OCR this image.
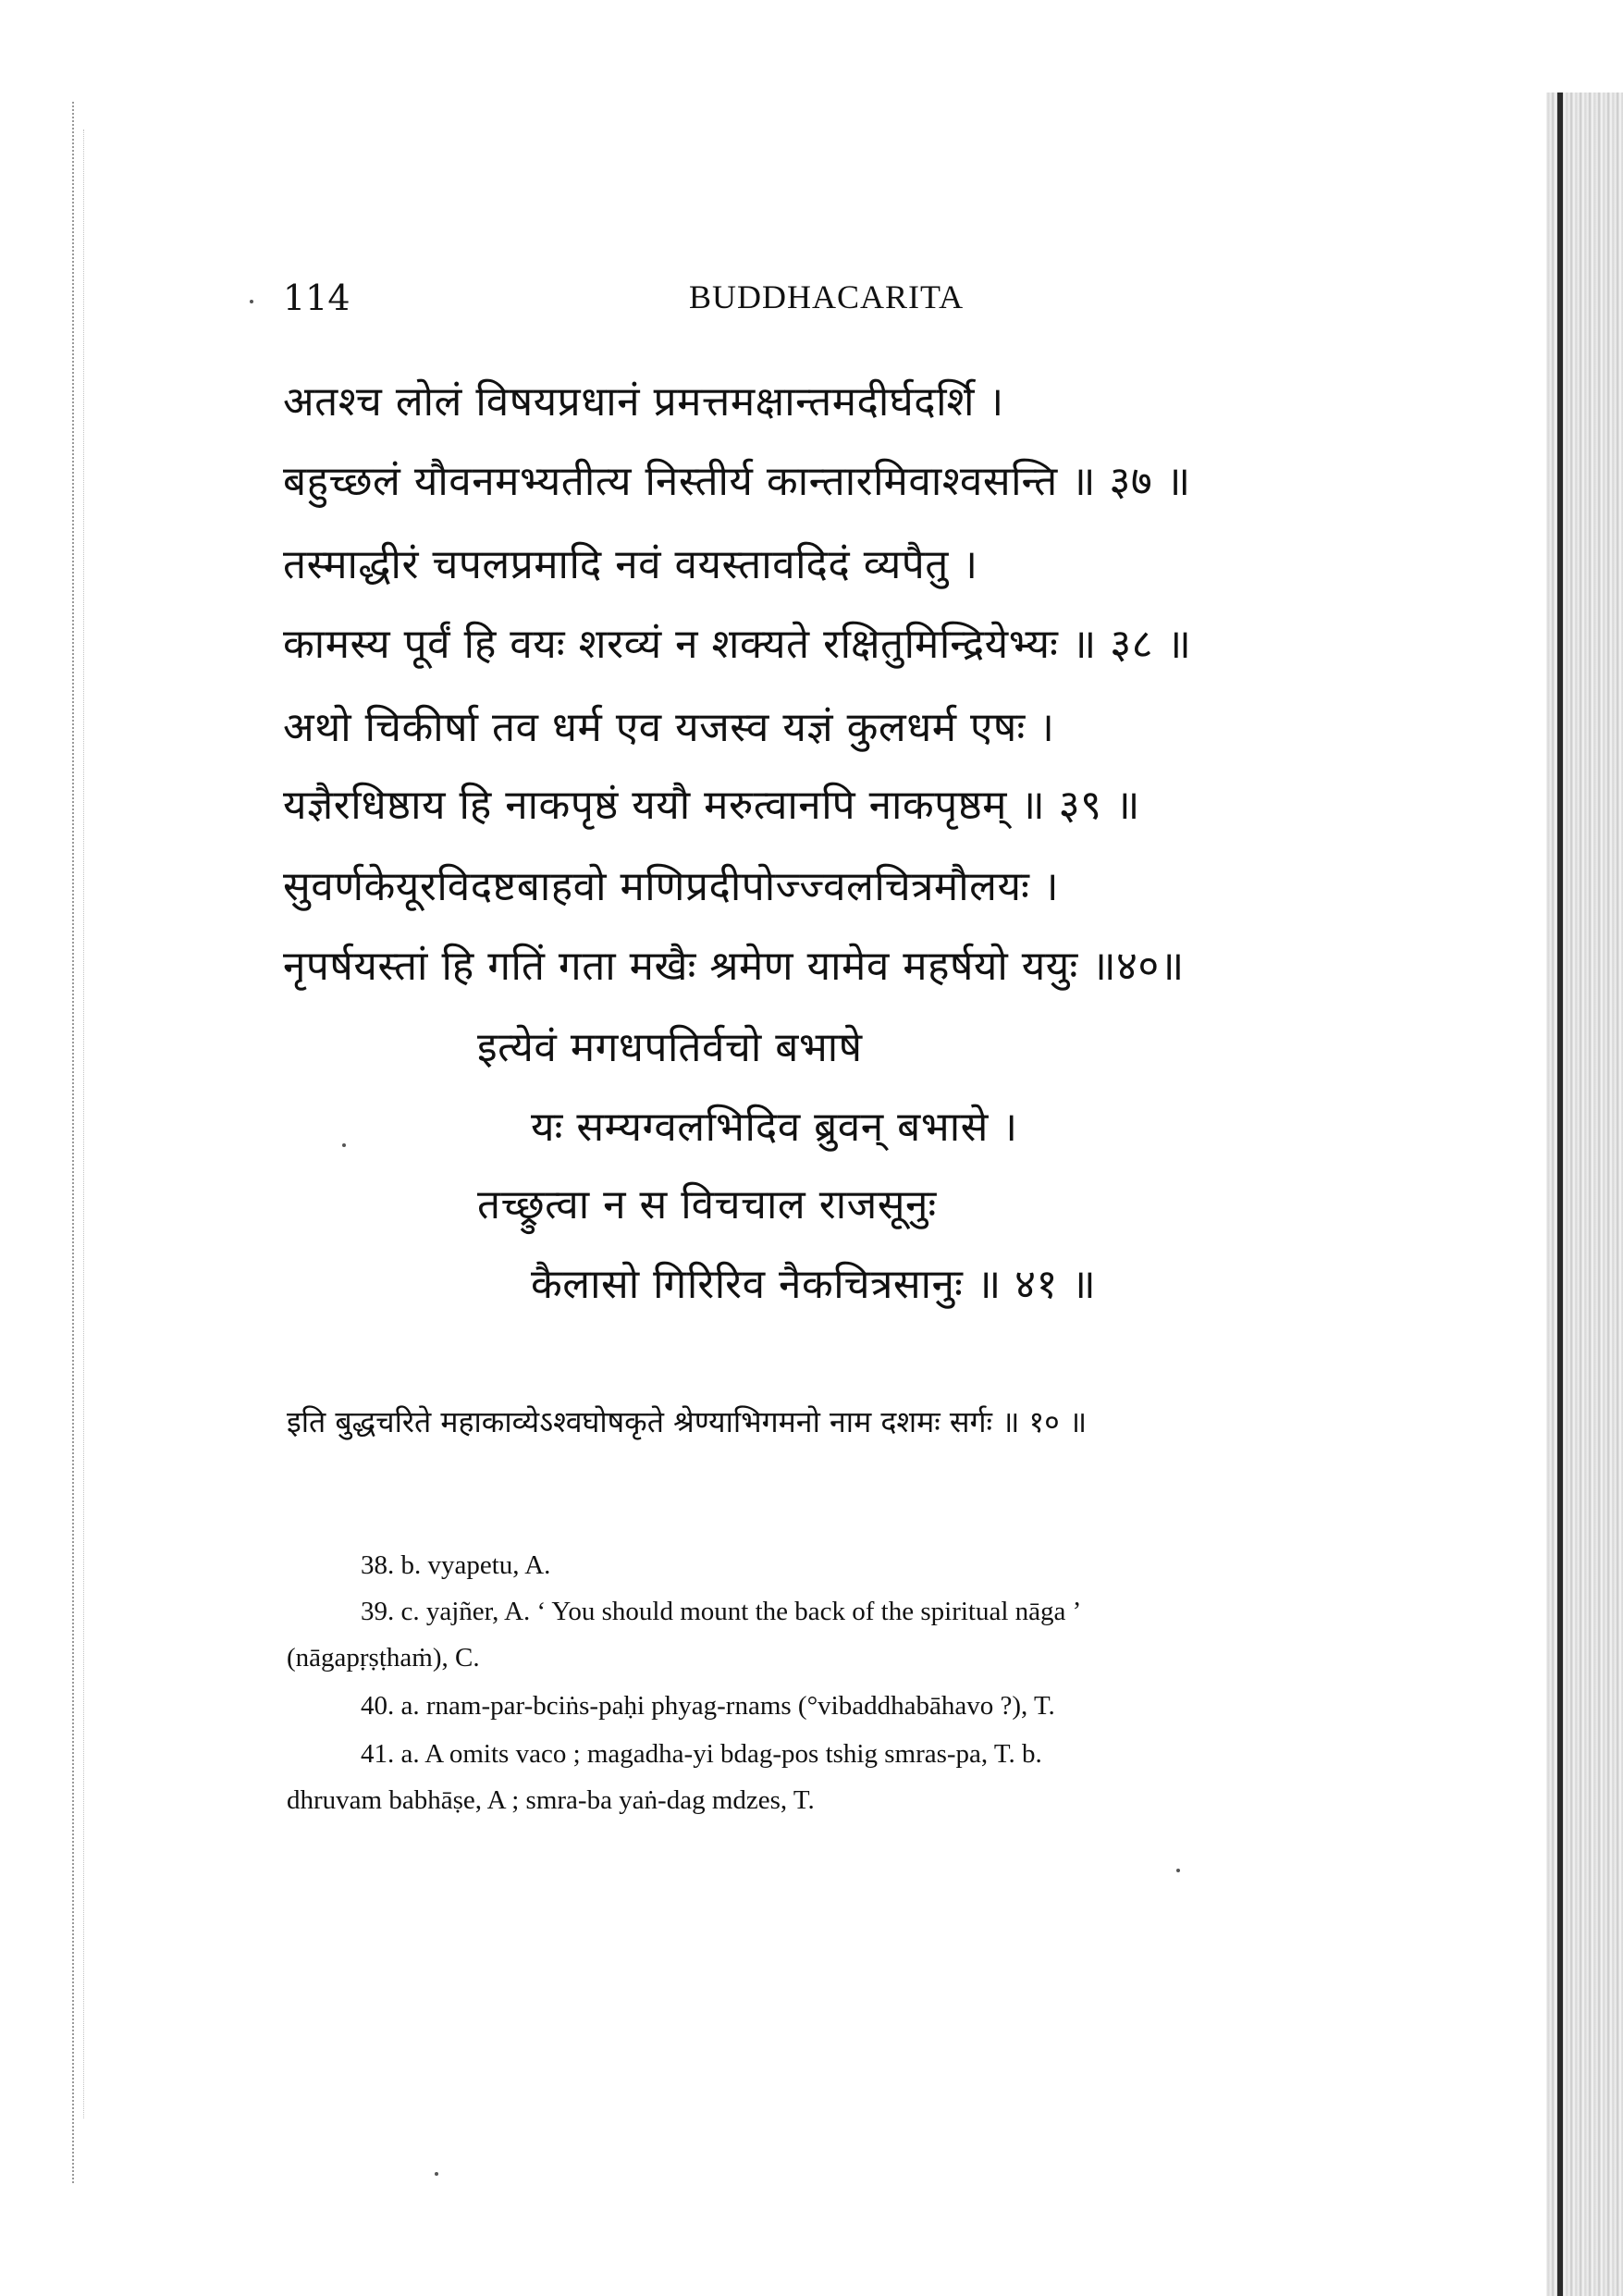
114	BUDDHACARITA
अतश्च लोलं विषयप्रधानं प्रमत्तमक्षान्तमदीर्घदर्शि ।
बहुच्छलं यौवनमभ्यतीत्य निस्तीर्य कान्तारमिवाश्वसन्ति ॥ ३७ ॥
तस्माद्धीरं चपलप्रमादि नवं वयस्तावदिदं व्यपैतु ।
कामस्य पूर्वं हि वयः शरव्यं न शक्यते रक्षितुमिन्द्रियेभ्यः ॥ ३८ ॥
अथो चिकीर्षा तव धर्म एव यजस्व यज्ञं कुलधर्म एषः ।
यज्ञैरधिष्ठाय हि नाकपृष्ठं ययौ मरुत्वानपि नाकपृष्ठम् ॥ ३९ ॥
सुवर्णकेयूरविदष्टबाहवो मणिप्रदीपोज्ज्वलचित्रमौलयः ।
नृपर्षयस्तां हि गतिं गता मखैः श्रमेण यामेव महर्षयो ययुः ॥४०॥
इत्येवं मगधपतिर्वचो बभाषे
यः सम्यग्वलभिदिव ब्रुवन् बभासे ।
तच्छ्रुत्वा न स विचचाल राजसूनुः
कैलासो गिरिरिव नैकचित्रसानुः ॥ ४१ ॥
इति बुद्धचरिते महाकाव्येऽश्वघोषकृते श्रेण्याभिगमनो नाम दशमः सर्गः ॥ १० ॥
38. b. vyapetu, A.
39. c. yajñer, A. ‘ You should mount the back of the spiritual nāga ’
(nāgapṛṣṭhaṁ), C.
40. a. rnam-par-bciṅs-paḥi phyag-rnams (°vibaddhabāhavo ?), T.
41. a. A omits vaco ; magadha-yi bdag-pos tshig smras-pa, T. b.
dhruvam babhāṣe, A ; smra-ba yaṅ-dag mdzes, T.
